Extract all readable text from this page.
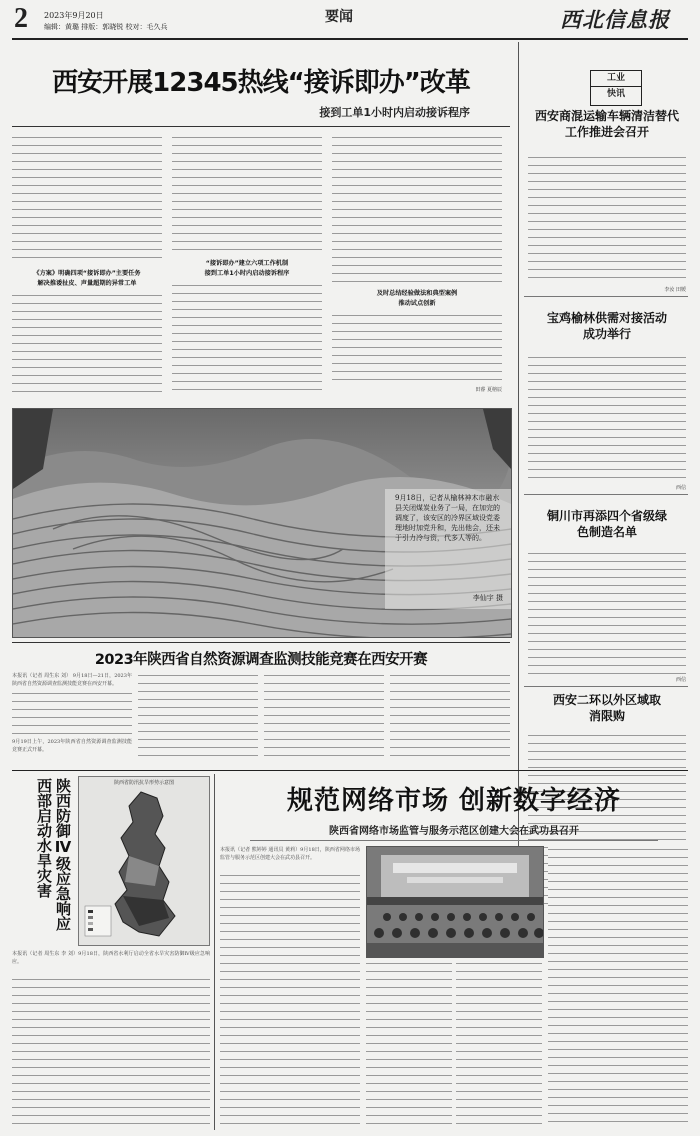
2 2023年9月20日
编辑：黄璐 排版：郭晓锐 校对：毛久兵
要闻	西北信息报
西安开展12345热线“接诉即办”改革
接到工单1小时内启动接诉程序
《方案》明确四项“接诉即办”主要任务
解决推诿扯皮、声量超期的异常工单
“接诉即办”建立六项工作机制
接到工单1小时内启动接诉程序
及时总结经验做法和典型案例
推动试点创新
田睿 夏榕辰
9月18日，记者从榆林神木市融水县关闭煤炭业务了一局，在加完的调度了，该安区的冷界区域设党委理地时加党升和，先出他会，还未于引力冷与资，代多人等的。
李仙宇 摄
工业
快讯
西安商混运输车辆清洁替代工作推进会召开
李汝 田媛
宝鸡榆林供需对接活动成功举行
西信
铜川市再添四个省级绿色制造名单
西信
西安二环以外区域取消限购
2023年陕西省自然资源调查监测技能竞赛在西安开赛
本报讯（记者 周生东 刘） 9月18日—21日，2023年陕西省自然资源调查监测技能竞赛在西安开幕。
9月19日上午，2023年陕西省自然资源调查监测技能竞赛正式开幕。
陕西防御Ⅳ级应急响应西部启动水旱灾害	陕西省防汛抗旱形势示意图
本报讯（记者 周生东 李 刘）9月18日，陕西省水利厅启动全省水旱灾害防御Ⅳ级应急响应。
规范网络市场 创新数字经济
陕西省网络市场监管与服务示范区创建大会在武功县召开
本报讯（记者 熊婷婷 通讯员 黄莉）9月18日，陕西省网络市场监管与服务示范区创建大会在武功县召开。
